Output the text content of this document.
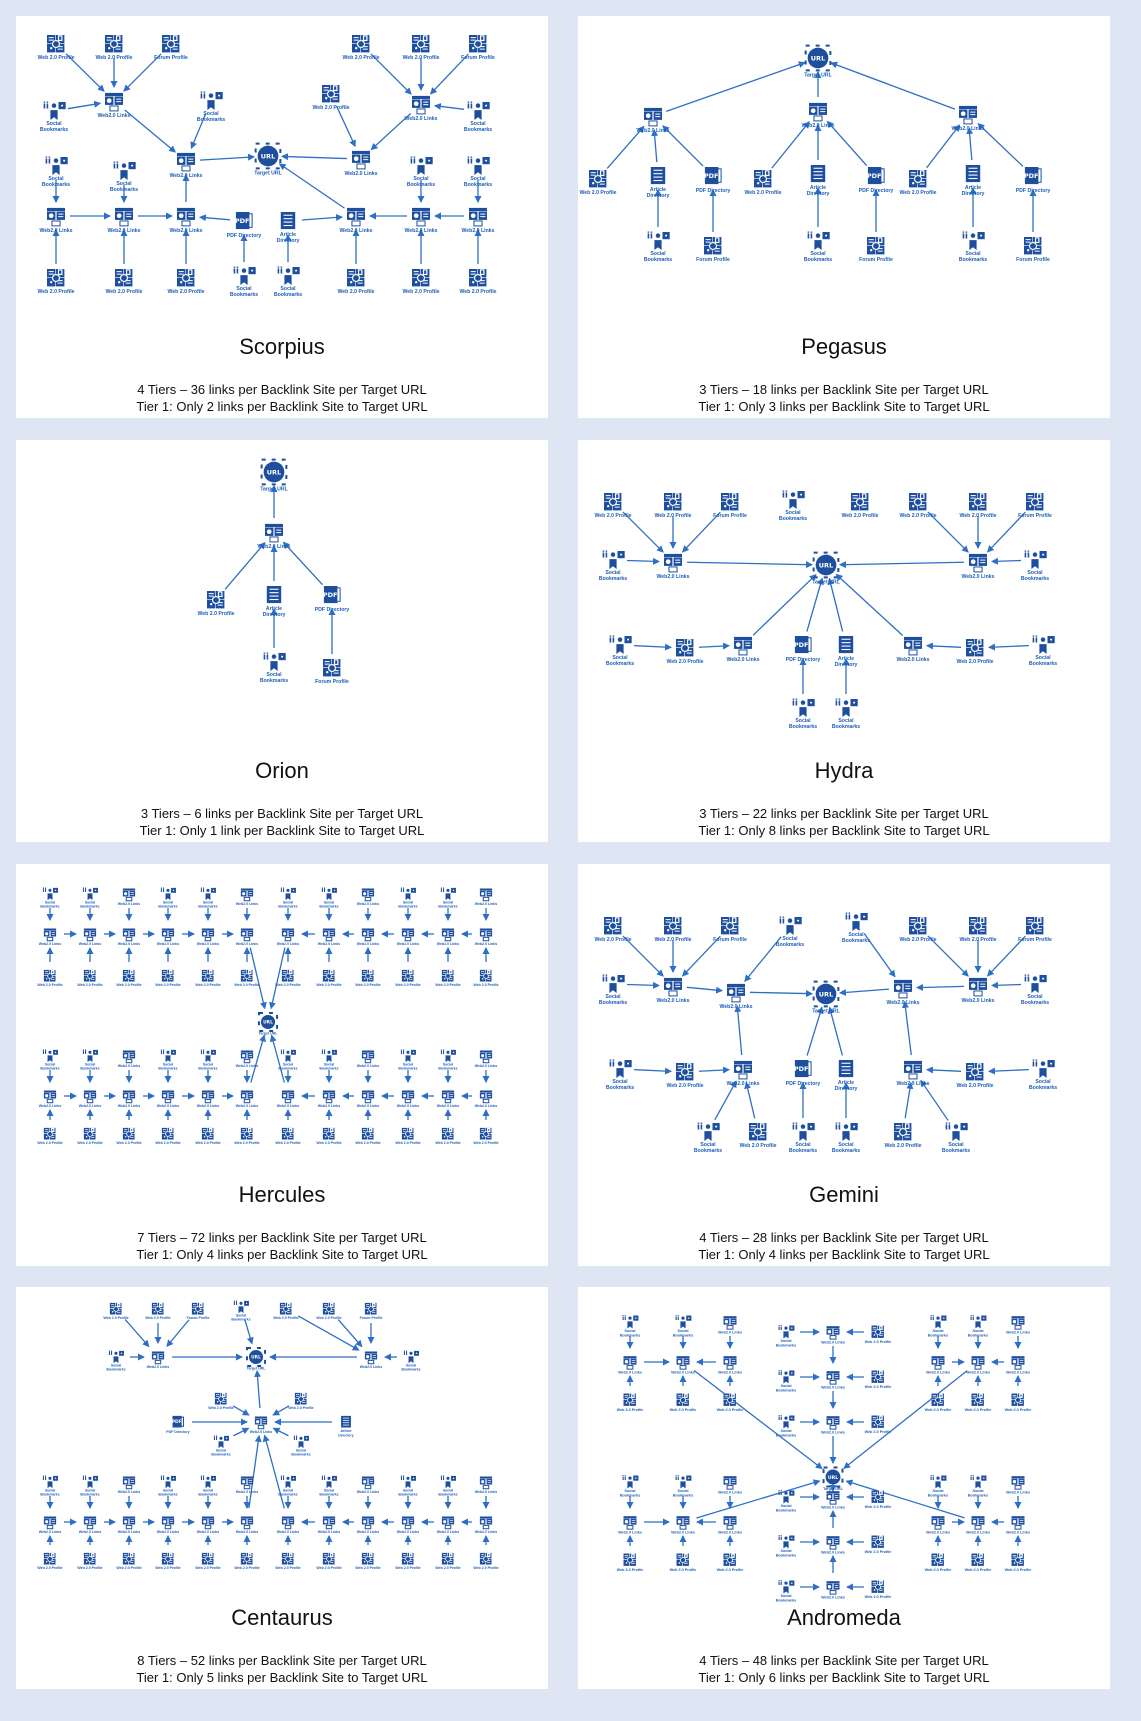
Web 2.0 Profile	Web 2.0 Profile	Forum Profile
Web2.0 Links
ii
Social
Bookmarks
ii
Social
Bookmarks
Web2.0 Links
URL
Target URL
Web 2.0 Profile	Web 2.0 Profile	Forum Profile
Web2.0 Links
ii
Social
Bookmarks
Web 2.0 Profile
Web2.0 Links
ii
Social
Bookmarks
ii
Social
Bookmarks
ii
Social
Bookmarks
ii
Social
Bookmarks
Web2.0 Links	Web2.0 Links	Web2.0 Links
PDF
PDF Directory	Article
Directory
Web2.0 Links	Web2.0 Links	Web2.0 Links
Web 2.0 Profile	Web 2.0 Profile	Web 2.0 Profile
ii
Social
Bookmarks
ii
Social
Bookmarks	Web 2.0 Profile	Web 2.0 Profile	Web 2.0 Profile
Scorpius
4 Tiers – 36 links per Backlink Site per Target URL
Tier 1: Only 2 links per Backlink Site to Target URL
URL
Target URL
Web2.0 Links
Web2.0 Links	Web2.0 Links
Web 2.0 Profile	Article
Directory
PDF
PDF Directory	Web 2.0 Profile
Article
Directory
PDF
PDF Directory Web 2.0 Profile
Article
Directory
PDF
PDF Directory
ii
Social
Bookmarks	Forum Profile
ii
Social
Bookmarks	Forum Profile
ii
Social
Bookmarks	Forum Profile
Pegasus
3 Tiers – 18 links per Backlink Site per Target URL
Tier 1: Only 3 links per Backlink Site to Target URL
URL
Target URL
Web2.0 Links
Web 2.0 Profile
Article
Directory
PDF
PDF Directory
ii
Social
Bookmarks	Forum Profile
Orion
3 Tiers – 6 links per Backlink Site per Target URL
Tier 1: Only 1 link per Backlink Site to Target URL
Web 2.0 Profile	Web 2.0 Profile	Forum Profile
ii
Social
Bookmarks	Web 2.0 Profile	Web 2.0 Profile	Web 2.0 Profile	Forum Profile
ii
Social
Bookmarks	Web2.0 Links
URL
Target URL
Web2.0 Links
ii
Social
Bookmarks
ii
Social
Bookmarks	Web 2.0 Profile	Web2.0 Links
PDF
PDF Directory	Article
Directory
Web2.0 Links	Web 2.0 Profile
ii
Social
Bookmarks
ii
Social
Bookmarks
ii
Social
Bookmarks
Hydra
3 Tiers – 22 links per Backlink Site per Target URL
Tier 1: Only 8 links per Backlink Site to Target URL
URL
Target URL
ii
Social
Bookmarks
Web2.0 Links
Web 2.0 Profile
ii
Social
Bookmarks
Web2.0 Links
Web 2.0 Profile
Web2.0 Links
Web2.0 Links
Web 2.0 Profile
ii
Social
Bookmarks
Web2.0 Links
Web 2.0 Profile
ii
Social
Bookmarks
Web2.0 Links
Web 2.0 Profile
Web2.0 Links
Web2.0 Links
Web 2.0 Profile
ii
Social
Bookmarks
Web2.0 Links
Web 2.0 Profile
ii
Social
Bookmarks
Web2.0 Links
Web 2.0 Profile
Web2.0 Links
Web2.0 Links
Web 2.0 Profile
ii
Social
Bookmarks
Web2.0 Links
Web 2.0 Profile
ii
Social
Bookmarks
Web2.0 Links
Web 2.0 Profile
Web2.0 Links
Web2.0 Links
Web 2.0 Profile
ii
Social
Bookmarks
Web2.0 Links
Web 2.0 Profile
ii
Social
Bookmarks
Web2.0 Links
Web 2.0 Profile
Web2.0 Links
Web2.0 Links
Web 2.0 Profile
ii
Social
Bookmarks
Web2.0 Links
Web 2.0 Profile
ii
Social
Bookmarks
Web2.0 Links
Web 2.0 Profile
Web2.0 Links
Web2.0 Links
Web 2.0 Profile
ii
Social
Bookmarks
Web2.0 Links
Web 2.0 Profile
ii
Social
Bookmarks
Web2.0 Links
Web 2.0 Profile
Web2.0 Links
Web2.0 Links
Web 2.0 Profile
ii
Social
Bookmarks
Web2.0 Links
Web 2.0 Profile
ii
Social
Bookmarks
Web2.0 Links
Web 2.0 Profile
Web2.0 Links
Web2.0 Links
Web 2.0 Profile
Hercules
7 Tiers – 72 links per Backlink Site per Target URL
Tier 1: Only 4 links per Backlink Site to Target URL
Web 2.0 Profile	Web 2.0 Profile	Forum Profile
ii
Social
Bookmarks
ii
Social
Bookmarks	Web 2.0 Profile	Web 2.0 Profile	Forum Profile
ii
Social
Bookmarks	Web2.0 Links
Web2.0 Links
URL
Target URL
Web2.0 Links	Web2.0 Links
ii
Social
Bookmarks
ii
Social
Bookmarks	Web 2.0 Profile	Web2.0 Links
PDF
PDF Directory	Article
Directory
Web2.0 Links	Web 2.0 Profile
ii
Social
Bookmarks
ii
Social
Bookmarks
Web 2.0 Profile
ii
Social
Bookmarks
ii
Social
Bookmarks
Web 2.0 Profile
ii
Social
Bookmarks
Gemini
4 Tiers – 28 links per Backlink Site per Target URL
Tier 1: Only 4 links per Backlink Site to Target URL
Web 2.0 Profile	Web 2.0 Profile	Forum Profile
ii
Social
Bookmarks	Web 2.0 Profile	Web 2.0 Profile	Forum Profile
ii
Social
Bookmarks
Web2.0 Links
URL
Target URL	Web2.0 Links
ii
Social
Bookmarks
Web 2.0 Profile	Web 2.0 Profile
PDF
PDF Directory	Web2.0 Links	Article
Directory
ii
Social
Bookmarks
ii
Social
Bookmarks
ii
Social
Bookmarks
Web2.0 Links
Web 2.0 Profile
ii
Social
Bookmarks
Web2.0 Links
Web 2.0 Profile
Web2.0 Links
Web2.0 Links
Web 2.0 Profile
ii
Social
Bookmarks
Web2.0 Links
Web 2.0 Profile
ii
Social
Bookmarks
Web2.0 Links
Web 2.0 Profile
Web2.0 Links
Web2.0 Links
Web 2.0 Profile
ii
Social
Bookmarks
Web2.0 Links
Web 2.0 Profile
ii
Social
Bookmarks
Web2.0 Links
Web 2.0 Profile
Web2.0 Links
Web2.0 Links
Web 2.0 Profile
ii
Social
Bookmarks
Web2.0 Links
Web 2.0 Profile
ii
Social
Bookmarks
Web2.0 Links
Web 2.0 Profile
Web2.0 Links
Web2.0 Links
Web 2.0 Profile
Centaurus
8 Tiers – 52 links per Backlink Site per Target URL
Tier 1: Only 5 links per Backlink Site to Target URL
URL
Target URL
ii
Social
Bookmarks
Web2.0 Links
Web 2.0 Profile
ii
Social
Bookmarks
Web2.0 Links
Web 2.0 Profile
Web2.0 Links
Web2.0 Links
Web 2.0 Profile
ii
Social
Bookmarks
Web2.0 Links
Web 2.0 Profile
ii
Social
Bookmarks
Web2.0 Links
Web 2.0 Profile
Web2.0 Links
Web2.0 Links
Web 2.0 Profile
ii
Social
Bookmarks
Web2.0 Links
Web 2.0 Profile
ii
Social
Bookmarks
Web2.0 Links
Web 2.0 Profile
Web2.0 Links
Web2.0 Links
Web 2.0 Profile
ii
Social
Bookmarks
Web2.0 Links
Web 2.0 Profile
ii
Social
Bookmarks
Web2.0 Links
Web 2.0 Profile
Web2.0 Links
Web2.0 Links
Web 2.0 Profile
ii
Social
Bookmarks
Web2.0 Links	Web 2.0 Profile
ii
Social
Bookmarks
Web2.0 Links	Web 2.0 Profile
ii
Social
Bookmarks
Web2.0 Links	Web 2.0 Profile
ii
Social
Bookmarks
Web2.0 Links	Web 2.0 Profile
ii
Social
Bookmarks
Web2.0 Links	Web 2.0 Profile
ii
Social
Bookmarks
Web2.0 Links	Web 2.0 Profile
Andromeda
4 Tiers – 48 links per Backlink Site per Target URL
Tier 1: Only 6 links per Backlink Site to Target URL
